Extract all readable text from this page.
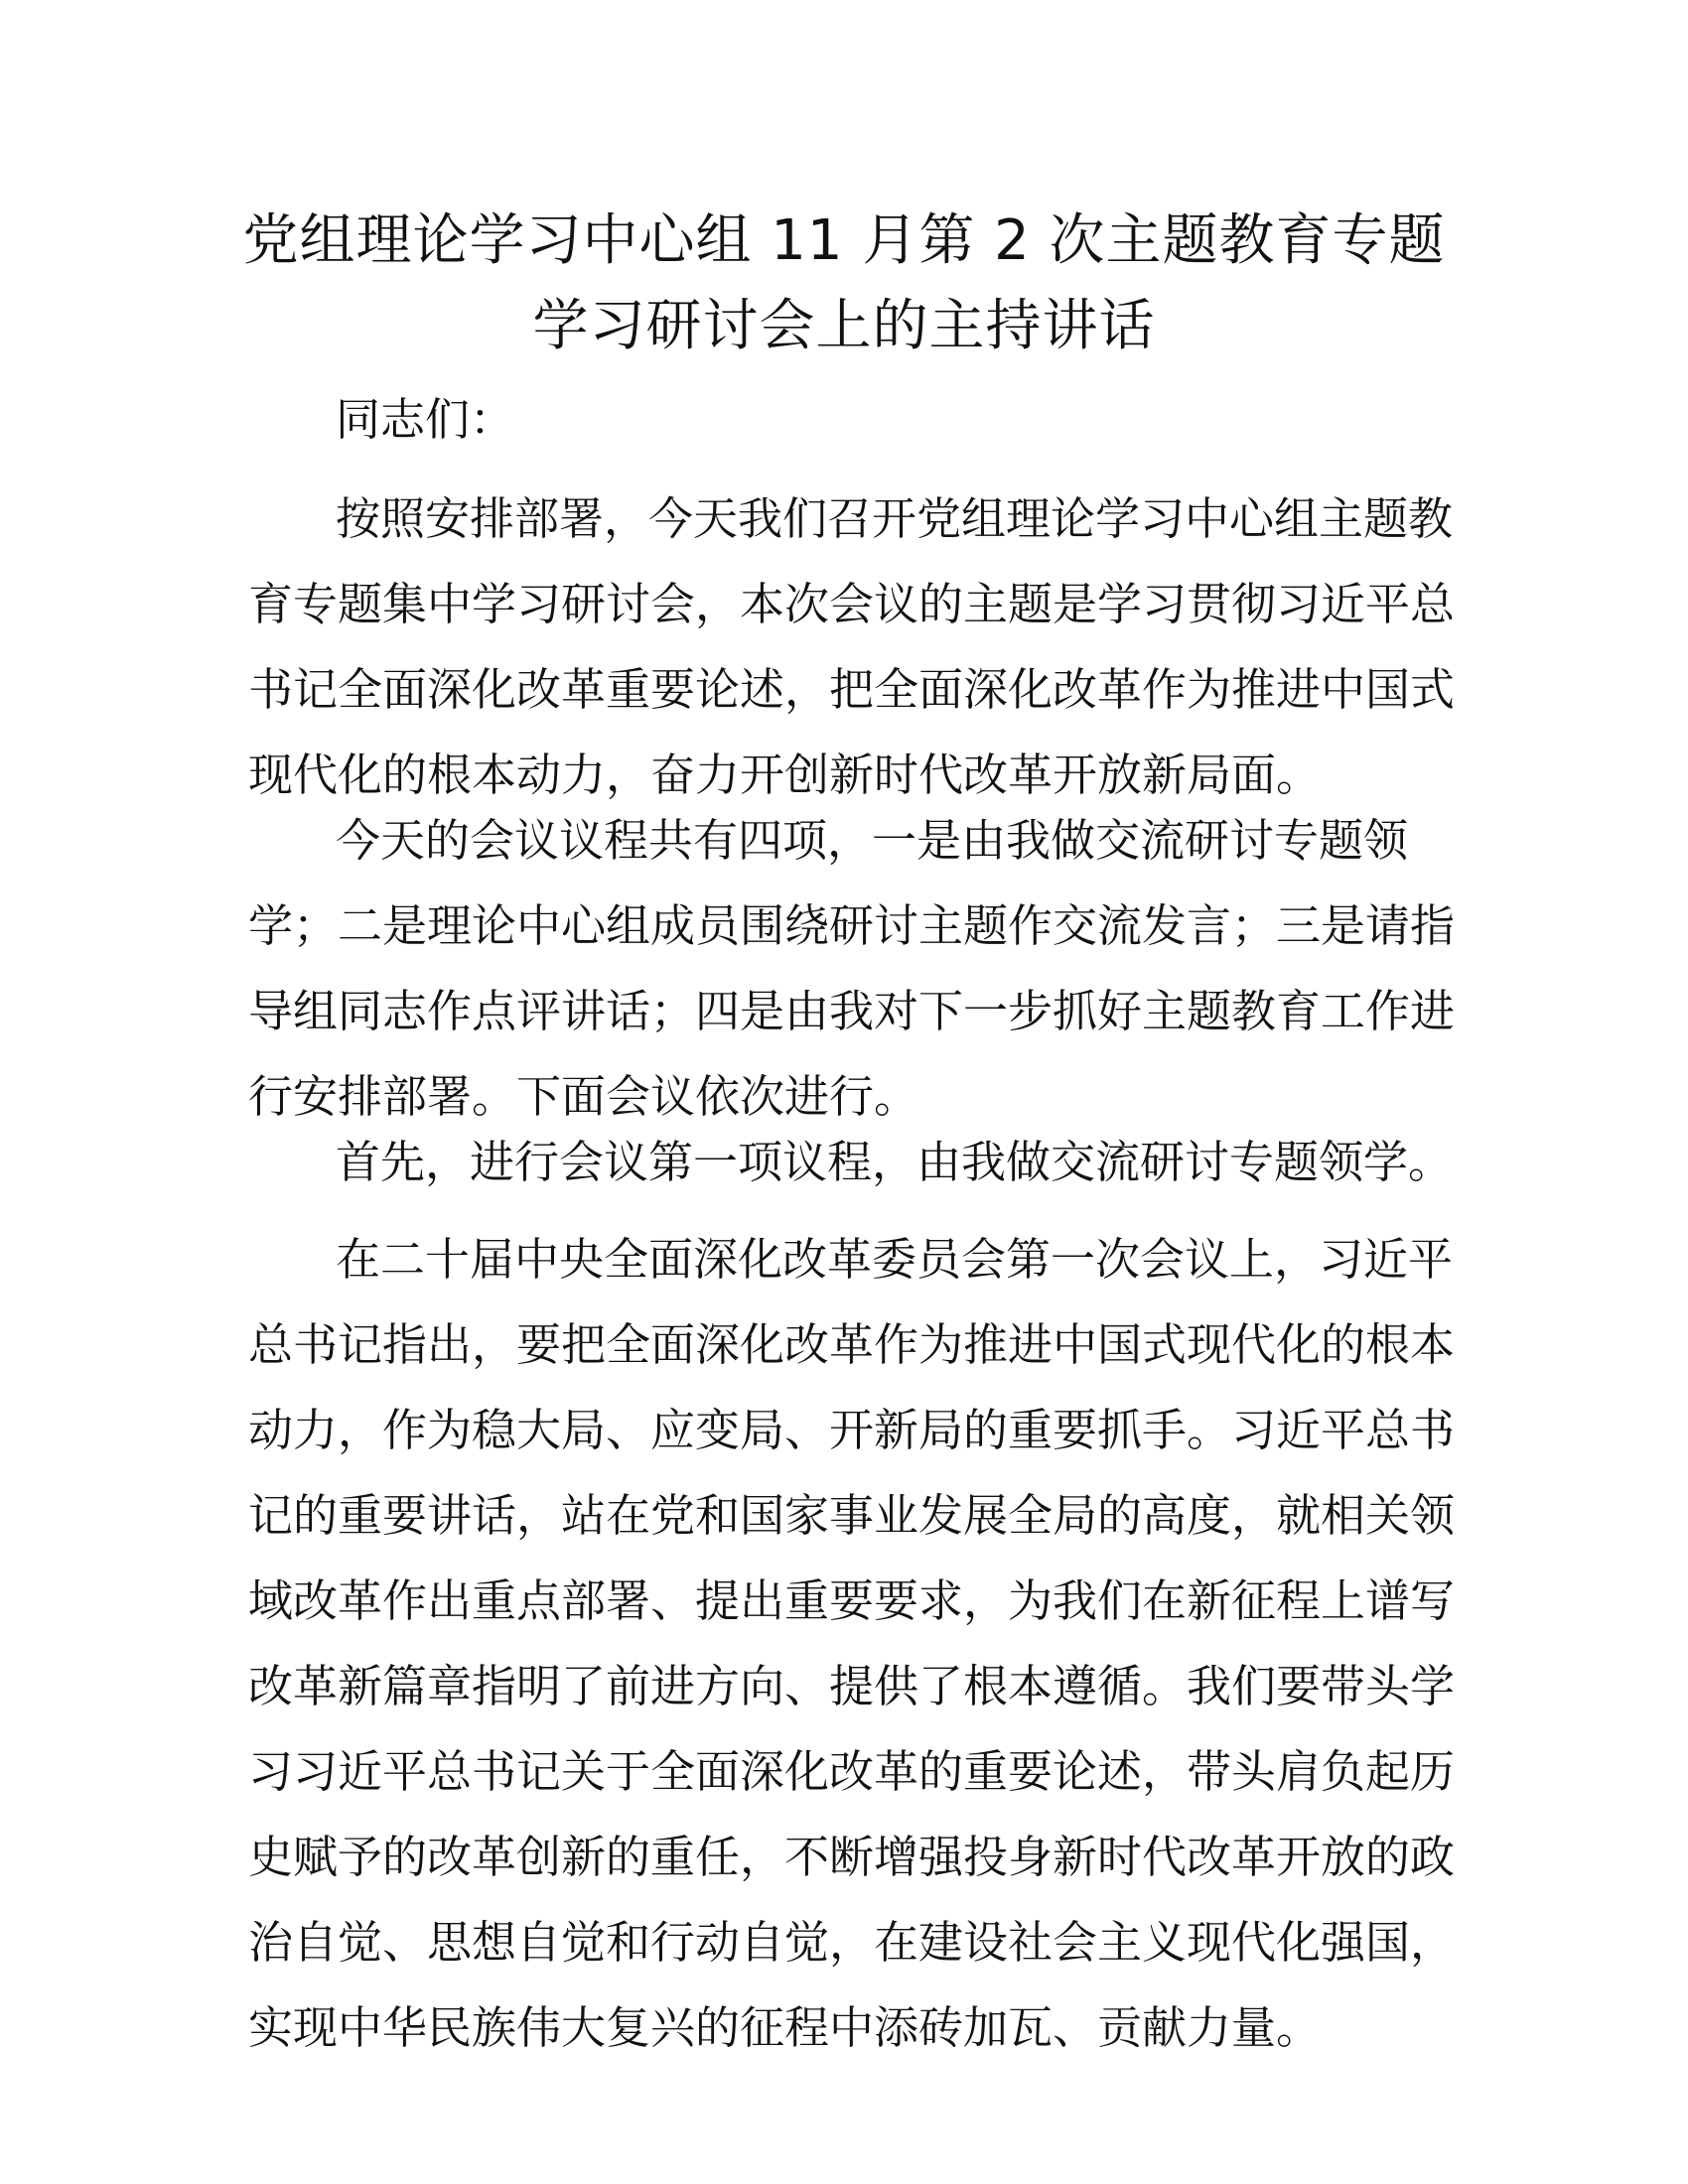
党组理论学习中心组 11 月第 2 次主题教育专题
学习研讨会上的主持讲话
同志们：
按照安排部署，今天我们召开党组理论学习中心组主题教
育专题集中学习研讨会，本次会议的主题是学习贯彻习近平总
书记全面深化改革重要论述，把全面深化改革作为推进中国式
现代化的根本动力，奋力开创新时代改革开放新局面。
今天的会议议程共有四项，一是由我做交流研讨专题领
学；二是理论中心组成员围绕研讨主题作交流发言；三是请指
导组同志作点评讲话；四是由我对下一步抓好主题教育工作进
行安排部署。下面会议依次进行。
首先，进行会议第一项议程，由我做交流研讨专题领学。
在二十届中央全面深化改革委员会第一次会议上，习近平
总书记指出，要把全面深化改革作为推进中国式现代化的根本
动力，作为稳大局、应变局、开新局的重要抓手。习近平总书
记的重要讲话，站在党和国家事业发展全局的高度，就相关领
域改革作出重点部署、提出重要要求，为我们在新征程上谱写
改革新篇章指明了前进方向、提供了根本遵循。我们要带头学
习习近平总书记关于全面深化改革的重要论述，带头肩负起历
史赋予的改革创新的重任，不断增强投身新时代改革开放的政
治自觉、思想自觉和行动自觉，在建设社会主义现代化强国，
实现中华民族伟大复兴的征程中添砖加瓦、贡献力量。
